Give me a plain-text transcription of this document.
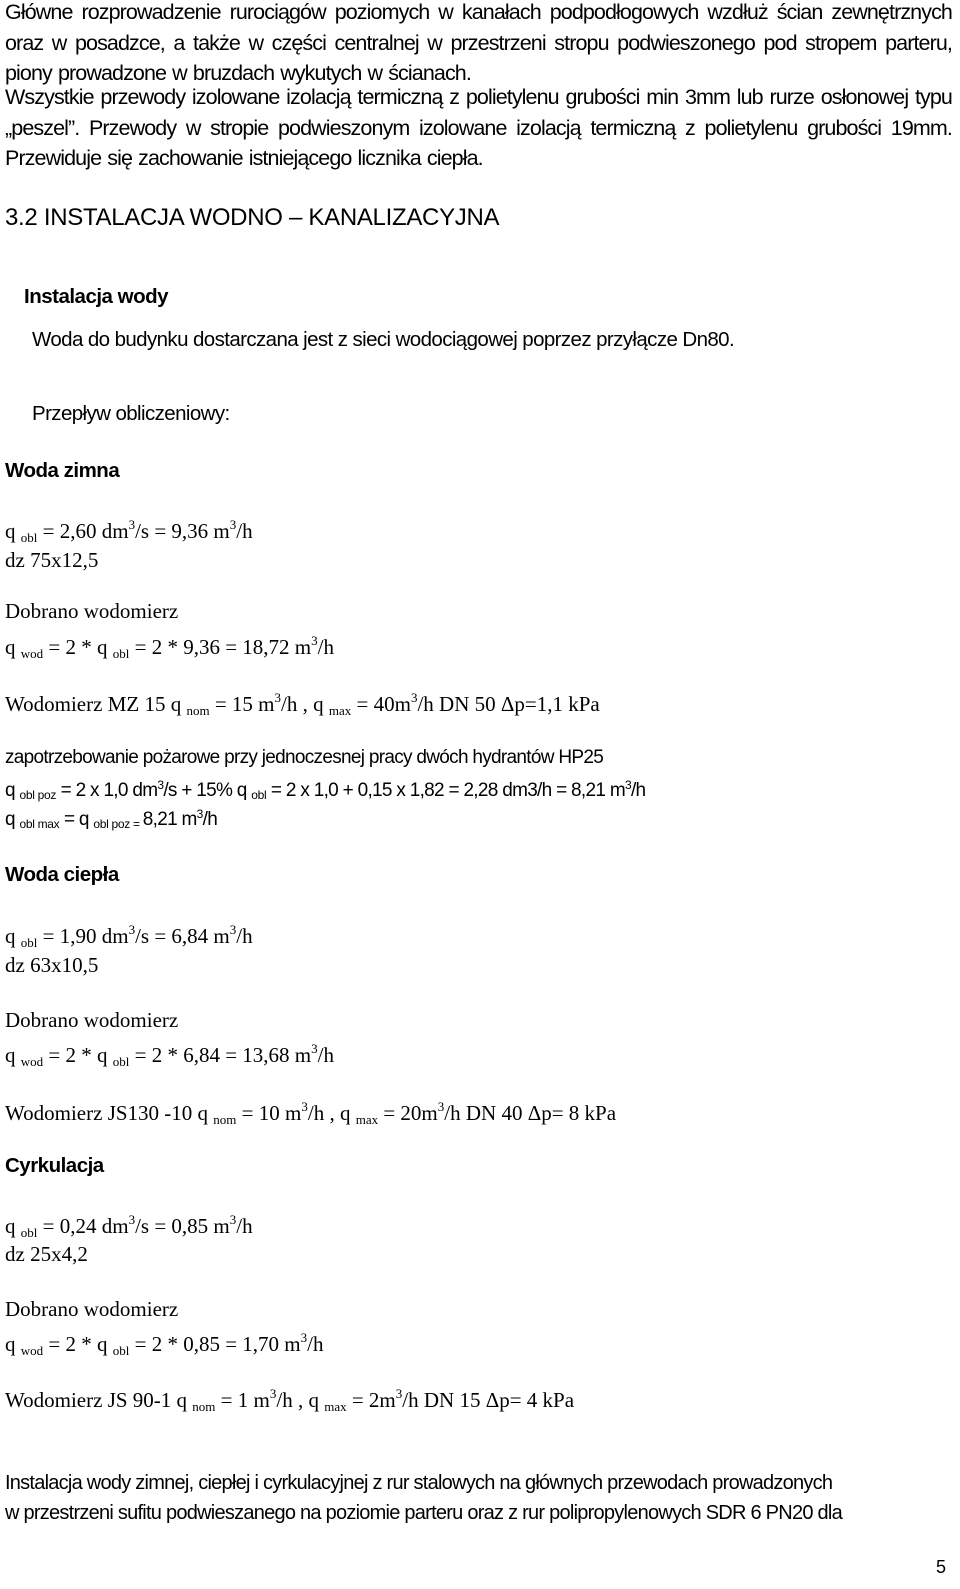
Główne rozprowadzenie rurociągów poziomych w kanałach podpodłogowych wzdłuż ścian zewnętrznych oraz w posadzce, a także w części centralnej w przestrzeni stropu podwieszonego pod stropem parteru, piony prowadzone w bruzdach wykutych w ścianach.
Wszystkie przewody izolowane izolacją termiczną z polietylenu grubości min 3mm lub rurze osłonowej typu „peszel”. Przewody w stropie podwieszonym izolowane izolacją termiczną z polietylenu grubości 19mm. Przewiduje się zachowanie istniejącego licznika ciepła.
3.2 INSTALACJA WODNO – KANALIZACYJNA
Instalacja wody
Woda do budynku dostarczana jest z sieci wodociągowej poprzez przyłącze Dn80.
Przepływ obliczeniowy:
Woda zimna
q $_{obl}$ = 2,60 $dm^3/s = 9,36$ $m^3/h$
dz 75x12,5
Dobrano wodomierz
q $_{wod}$ = 2 * q $_{obl}$ = 2 * 9,36 = 18,72 $m^3/h$
Wodomierz MZ 15 q $_{nom}$ = 15 $m^3/h$ , q $_{max} = 40m^3/h$ DN 50 Δp=1,1 kPa
zapotrzebowanie pożarowe przy jednoczesnej pracy dwóch hydrantów HP25
q $_{obl poz}$ = 2 x 1,0 $dm^3/s + 15\%$ q $_{obl}$ = 2 x 1,0 + 0,15 x 1,82 = 2,28 dm3/h = 8,21 $m^3/h$
q $_{obl max}$ = q $_{obl poz =}$ 8,21 $m^3/h$
Woda ciepła
q $_{obl}$ = 1,90 $dm^3/s = 6,84$ $m^3/h$
dz 63x10,5
Dobrano wodomierz
q $_{wod}$ = 2 * q $_{obl}$ = 2 * 6,84 = 13,68 $m^3/h$
Wodomierz JS130 -10 q $_{nom}$ = 10 $m^3/h$ , q $_{max} = 20m^3/h$ DN 40 Δp= 8 kPa
Cyrkulacja
q $_{obl}$ = 0,24 $dm^3/s = 0,85$ $m^3/h$
dz 25x4,2
Dobrano wodomierz
q $_{wod}$ = 2 * q $_{obl}$ = 2 * 0,85 = 1,70 $m^3/h$
Wodomierz JS 90-1 q $_{nom}$ = 1 $m^3/h$ , q $_{max} = 2m^3/h$ DN 15 Δp= 4 kPa
Instalacja wody zimnej, ciepłej i cyrkulacyjnej z rur stalowych na głównych przewodach prowadzonych
w przestrzeni sufitu podwieszanego na poziomie parteru oraz z rur polipropylenowych SDR 6 PN20 dla
5
